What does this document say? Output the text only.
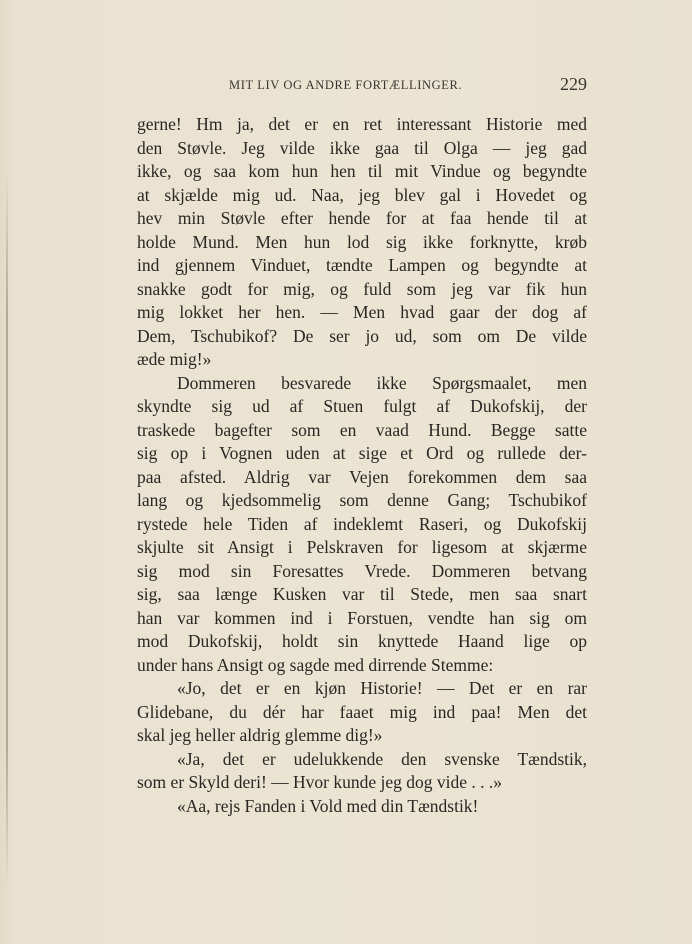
MIT LIV OG ANDRE FORTÆLLINGER.	229
gerne! Hm ja, det er en ret interessant Historie med
den Støvle. Jeg vilde ikke gaa til Olga — jeg gad
ikke, og saa kom hun hen til mit Vindue og begyndte
at skjælde mig ud. Naa, jeg blev gal i Hovedet og
hev min Støvle efter hende for at faa hende til at
holde Mund. Men hun lod sig ikke forknytte, krøb
ind gjennem Vinduet, tændte Lampen og begyndte at
snakke godt for mig, og fuld som jeg var fik hun
mig lokket her hen. — Men hvad gaar der dog af
Dem, Tschubikof? De ser jo ud, som om De vilde
æde mig!»
Dommeren besvarede ikke Spørgsmaalet, men
skyndte sig ud af Stuen fulgt af Dukofskij, der
traskede bagefter som en vaad Hund. Begge satte
sig op i Vognen uden at sige et Ord og rullede der-
paa afsted. Aldrig var Vejen forekommen dem saa
lang og kjedsommelig som denne Gang; Tschubikof
rystede hele Tiden af indeklemt Raseri, og Dukofskij
skjulte sit Ansigt i Pelskraven for ligesom at skjærme
sig mod sin Foresattes Vrede. Dommeren betvang
sig, saa længe Kusken var til Stede, men saa snart
han var kommen ind i Forstuen, vendte han sig om
mod Dukofskij, holdt sin knyttede Haand lige op
under hans Ansigt og sagde med dirrende Stemme:
«Jo, det er en kjøn Historie! — Det er en rar
Glidebane, du dér har faaet mig ind paa! Men det
skal jeg heller aldrig glemme dig!»
«Ja, det er udelukkende den svenske Tændstik,
som er Skyld deri! — Hvor kunde jeg dog vide . . .»
«Aa, rejs Fanden i Vold med din Tændstik!
